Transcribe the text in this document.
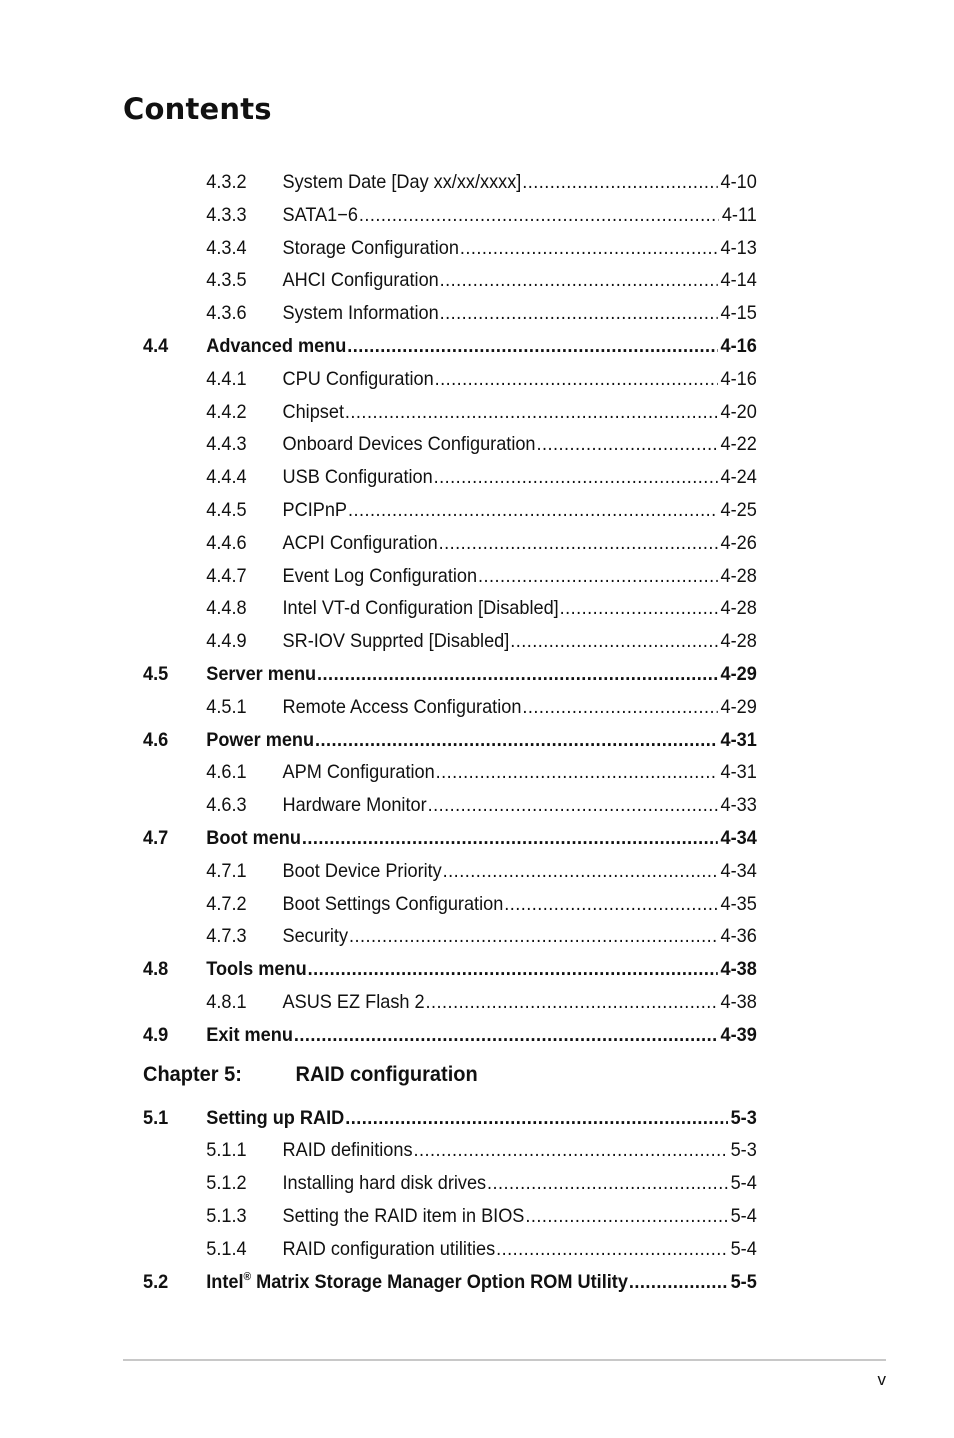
Contents
4.3.2 System Date [Day xx/xx/xxxx] .....	4-10
4.3.3 SATA1−6 .....	4-11
4.3.4 Storage Configuration .....	4-13
4.3.5 AHCI Configuration .....	4-14
4.3.6 System Information .....	4-15
4.4 Advanced menu .....	4-16
4.4.1 CPU Configuration .....	4-16
4.4.2 Chipset .....	4-20
4.4.3 Onboard Devices Configuration .....	4-22
4.4.4 USB Configuration .....	4-24
4.4.5 PCIPnP .....	4-25
4.4.6 ACPI Configuration .....	4-26
4.4.7 Event Log Configuration .....	4-28
4.4.8 Intel VT-d Configuration [Disabled] .....	4-28
4.4.9 SR-IOV Supprted [Disabled] .....	4-28
4.5 Server menu .....	4-29
4.5.1 Remote Access Configuration .....	4-29
4.6 Power menu .....	4-31
4.6.1 APM Configuration .....	4-31
4.6.3 Hardware Monitor .....	4-33
4.7 Boot menu .....	4-34
4.7.1 Boot Device Priority .....	4-34
4.7.2 Boot Settings Configuration .....	4-35
4.7.3 Security .....	4-36
4.8 Tools menu .....	4-38
4.8.1 ASUS EZ Flash 2 .....	4-38
4.9 Exit menu .....	4-39
Chapter 5: RAID configuration
5.1 Setting up RAID .....	5-3
5.1.1 RAID definitions .....	5-3
5.1.2 Installing hard disk drives .....	5-4
5.1.3 Setting the RAID item in BIOS .....	5-4
5.1.4 RAID configuration utilities .....	5-4
5.2 Intel® Matrix Storage Manager Option ROM Utility .....	5-5
v
